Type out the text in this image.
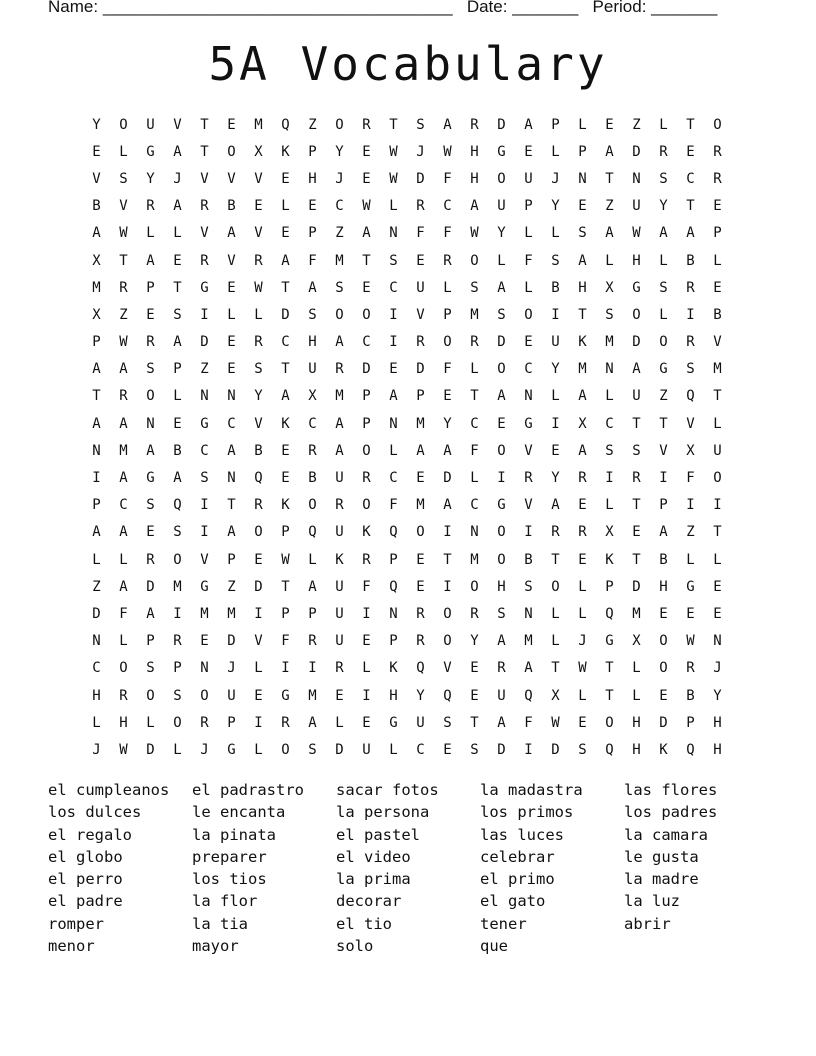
Name: _____________________________________ Date: _______ Period: _______
5A Vocabulary
Y	O	U	V	T	E	M	Q	Z	O	R	T	S	A	R	D	A	P	L	E	Z	L	T	O
E	L	G	A	T	O	X	K	P	Y	E	W	J	W	H	G	E	L	P	A	D	R	E	R
V	S	Y	J	V	V	V	E	H	J	E	W	D	F	H	O	U	J	N	T	N	S	C	R
B	V	R	A	R	B	E	L	E	C	W	L	R	C	A	U	P	Y	E	Z	U	Y	T	E
A	W	L	L	V	A	V	E	P	Z	A	N	F	F	W	Y	L	L	S	A	W	A	A	P
X	T	A	E	R	V	R	A	F	M	T	S	E	R	O	L	F	S	A	L	H	L	B	L
M	R	P	T	G	E	W	T	A	S	E	C	U	L	S	A	L	B	H	X	G	S	R	E
X	Z	E	S	I	L	L	D	S	O	O	I	V	P	M	S	O	I	T	S	O	L	I	B
P	W	R	A	D	E	R	C	H	A	C	I	R	O	R	D	E	U	K	M	D	O	R	V
A	A	S	P	Z	E	S	T	U	R	D	E	D	F	L	O	C	Y	M	N	A	G	S	M
T	R	O	L	N	N	Y	A	X	M	P	A	P	E	T	A	N	L	A	L	U	Z	Q	T
A	A	N	E	G	C	V	K	C	A	P	N	M	Y	C	E	G	I	X	C	T	T	V	L
N	M	A	B	C	A	B	E	R	A	O	L	A	A	F	O	V	E	A	S	S	V	X	U
I	A	G	A	S	N	Q	E	B	U	R	C	E	D	L	I	R	Y	R	I	R	I	F	O
P	C	S	Q	I	T	R	K	O	R	O	F	M	A	C	G	V	A	E	L	T	P	I	I
A	A	E	S	I	A	O	P	Q	U	K	Q	O	I	N	O	I	R	R	X	E	A	Z	T
L	L	R	O	V	P	E	W	L	K	R	P	E	T	M	O	B	T	E	K	T	B	L	L
Z	A	D	M	G	Z	D	T	A	U	F	Q	E	I	O	H	S	O	L	P	D	H	G	E
D	F	A	I	M	M	I	P	P	U	I	N	R	O	R	S	N	L	L	Q	M	E	E	E
N	L	P	R	E	D	V	F	R	U	E	P	R	O	Y	A	M	L	J	G	X	O	W	N
C	O	S	P	N	J	L	I	I	R	L	K	Q	V	E	R	A	T	W	T	L	O	R	J
H	R	O	S	O	U	E	G	M	E	I	H	Y	Q	E	U	Q	X	L	T	L	E	B	Y
L	H	L	O	R	P	I	R	A	L	E	G	U	S	T	A	F	W	E	O	H	D	P	H
J	W	D	L	J	G	L	O	S	D	U	L	C	E	S	D	I	D	S	Q	H	K	Q	H
el cumpleanos
los dulces
el regalo
el globo
el perro
el padre
romper
menor
el padrastro
le encanta
la pinata
preparer
los tios
la flor
la tia
mayor
sacar fotos
la persona
el pastel
el video
la prima
decorar
el tio
solo
la madastra
los primos
las luces
celebrar
el primo
el gato
tener
que
las flores
los padres
la camara
le gusta
la madre
la luz
abrir
